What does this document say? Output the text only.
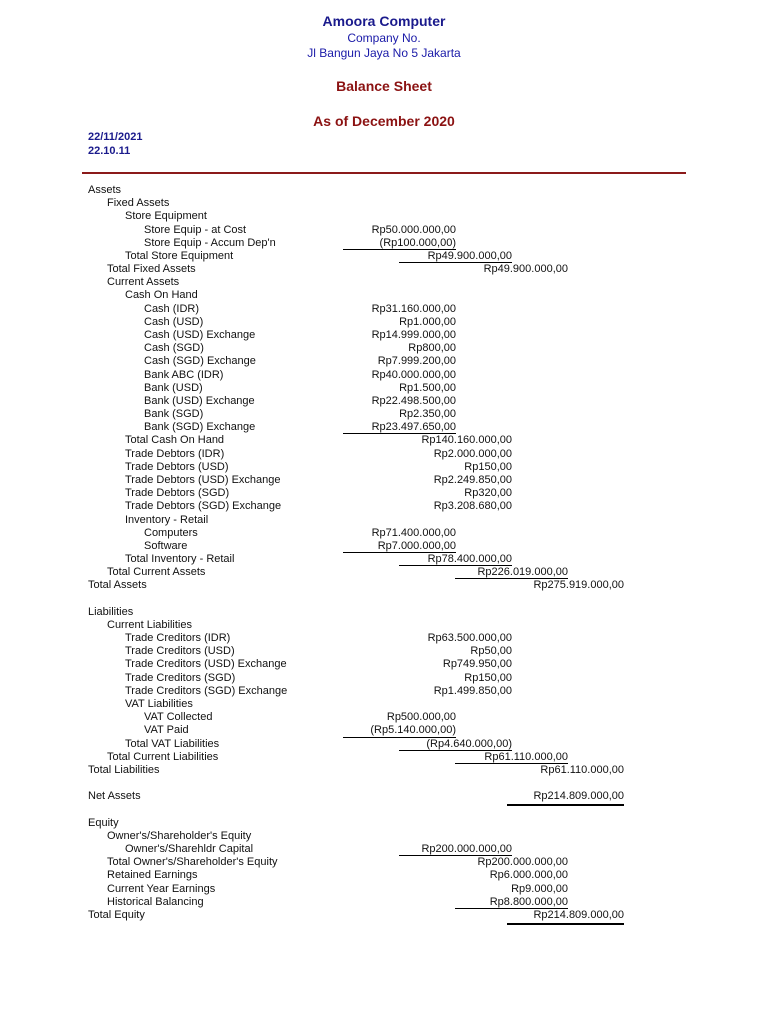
Amoora Computer
Company No.
Jl Bangun Jaya No 5 Jakarta
Balance Sheet
As of December 2020
22/11/2021
22.10.11
Assets
Fixed Assets
Store Equipment
Store Equip - at Cost	Rp50.000.000,00
Store Equip - Accum Dep'n	(Rp100.000,00)
Total Store Equipment	Rp49.900.000,00
Total Fixed Assets	Rp49.900.000,00
Current Assets
Cash On Hand
Cash (IDR)	Rp31.160.000,00
Cash (USD)	Rp1.000,00
Cash (USD) Exchange	Rp14.999.000,00
Cash (SGD)	Rp800,00
Cash (SGD) Exchange	Rp7.999.200,00
Bank ABC (IDR)	Rp40.000.000,00
Bank (USD)	Rp1.500,00
Bank (USD) Exchange	Rp22.498.500,00
Bank (SGD)	Rp2.350,00
Bank (SGD) Exchange	Rp23.497.650,00
Total Cash On Hand	Rp140.160.000,00
Trade Debtors (IDR)	Rp2.000.000,00
Trade Debtors (USD)	Rp150,00
Trade Debtors (USD) Exchange	Rp2.249.850,00
Trade Debtors (SGD)	Rp320,00
Trade Debtors (SGD) Exchange	Rp3.208.680,00
Inventory - Retail
Computers	Rp71.400.000,00
Software	Rp7.000.000,00
Total Inventory - Retail	Rp78.400.000,00
Total Current Assets	Rp226.019.000,00
Total Assets	Rp275.919.000,00
Liabilities
Current Liabilities
Trade Creditors (IDR)	Rp63.500.000,00
Trade Creditors (USD)	Rp50,00
Trade Creditors (USD) Exchange	Rp749.950,00
Trade Creditors (SGD)	Rp150,00
Trade Creditors (SGD) Exchange	Rp1.499.850,00
VAT Liabilities
VAT Collected	Rp500.000,00
VAT Paid	(Rp5.140.000,00)
Total VAT Liabilities	(Rp4.640.000,00)
Total Current Liabilities	Rp61.110.000,00
Total Liabilities	Rp61.110.000,00
Net Assets	Rp214.809.000,00
Equity
Owner's/Shareholder's Equity
Owner's/Sharehldr Capital	Rp200.000.000,00
Total Owner's/Shareholder's Equity	Rp200.000.000,00
Retained Earnings	Rp6.000.000,00
Current Year Earnings	Rp9.000,00
Historical Balancing	Rp8.800.000,00
Total Equity	Rp214.809.000,00
